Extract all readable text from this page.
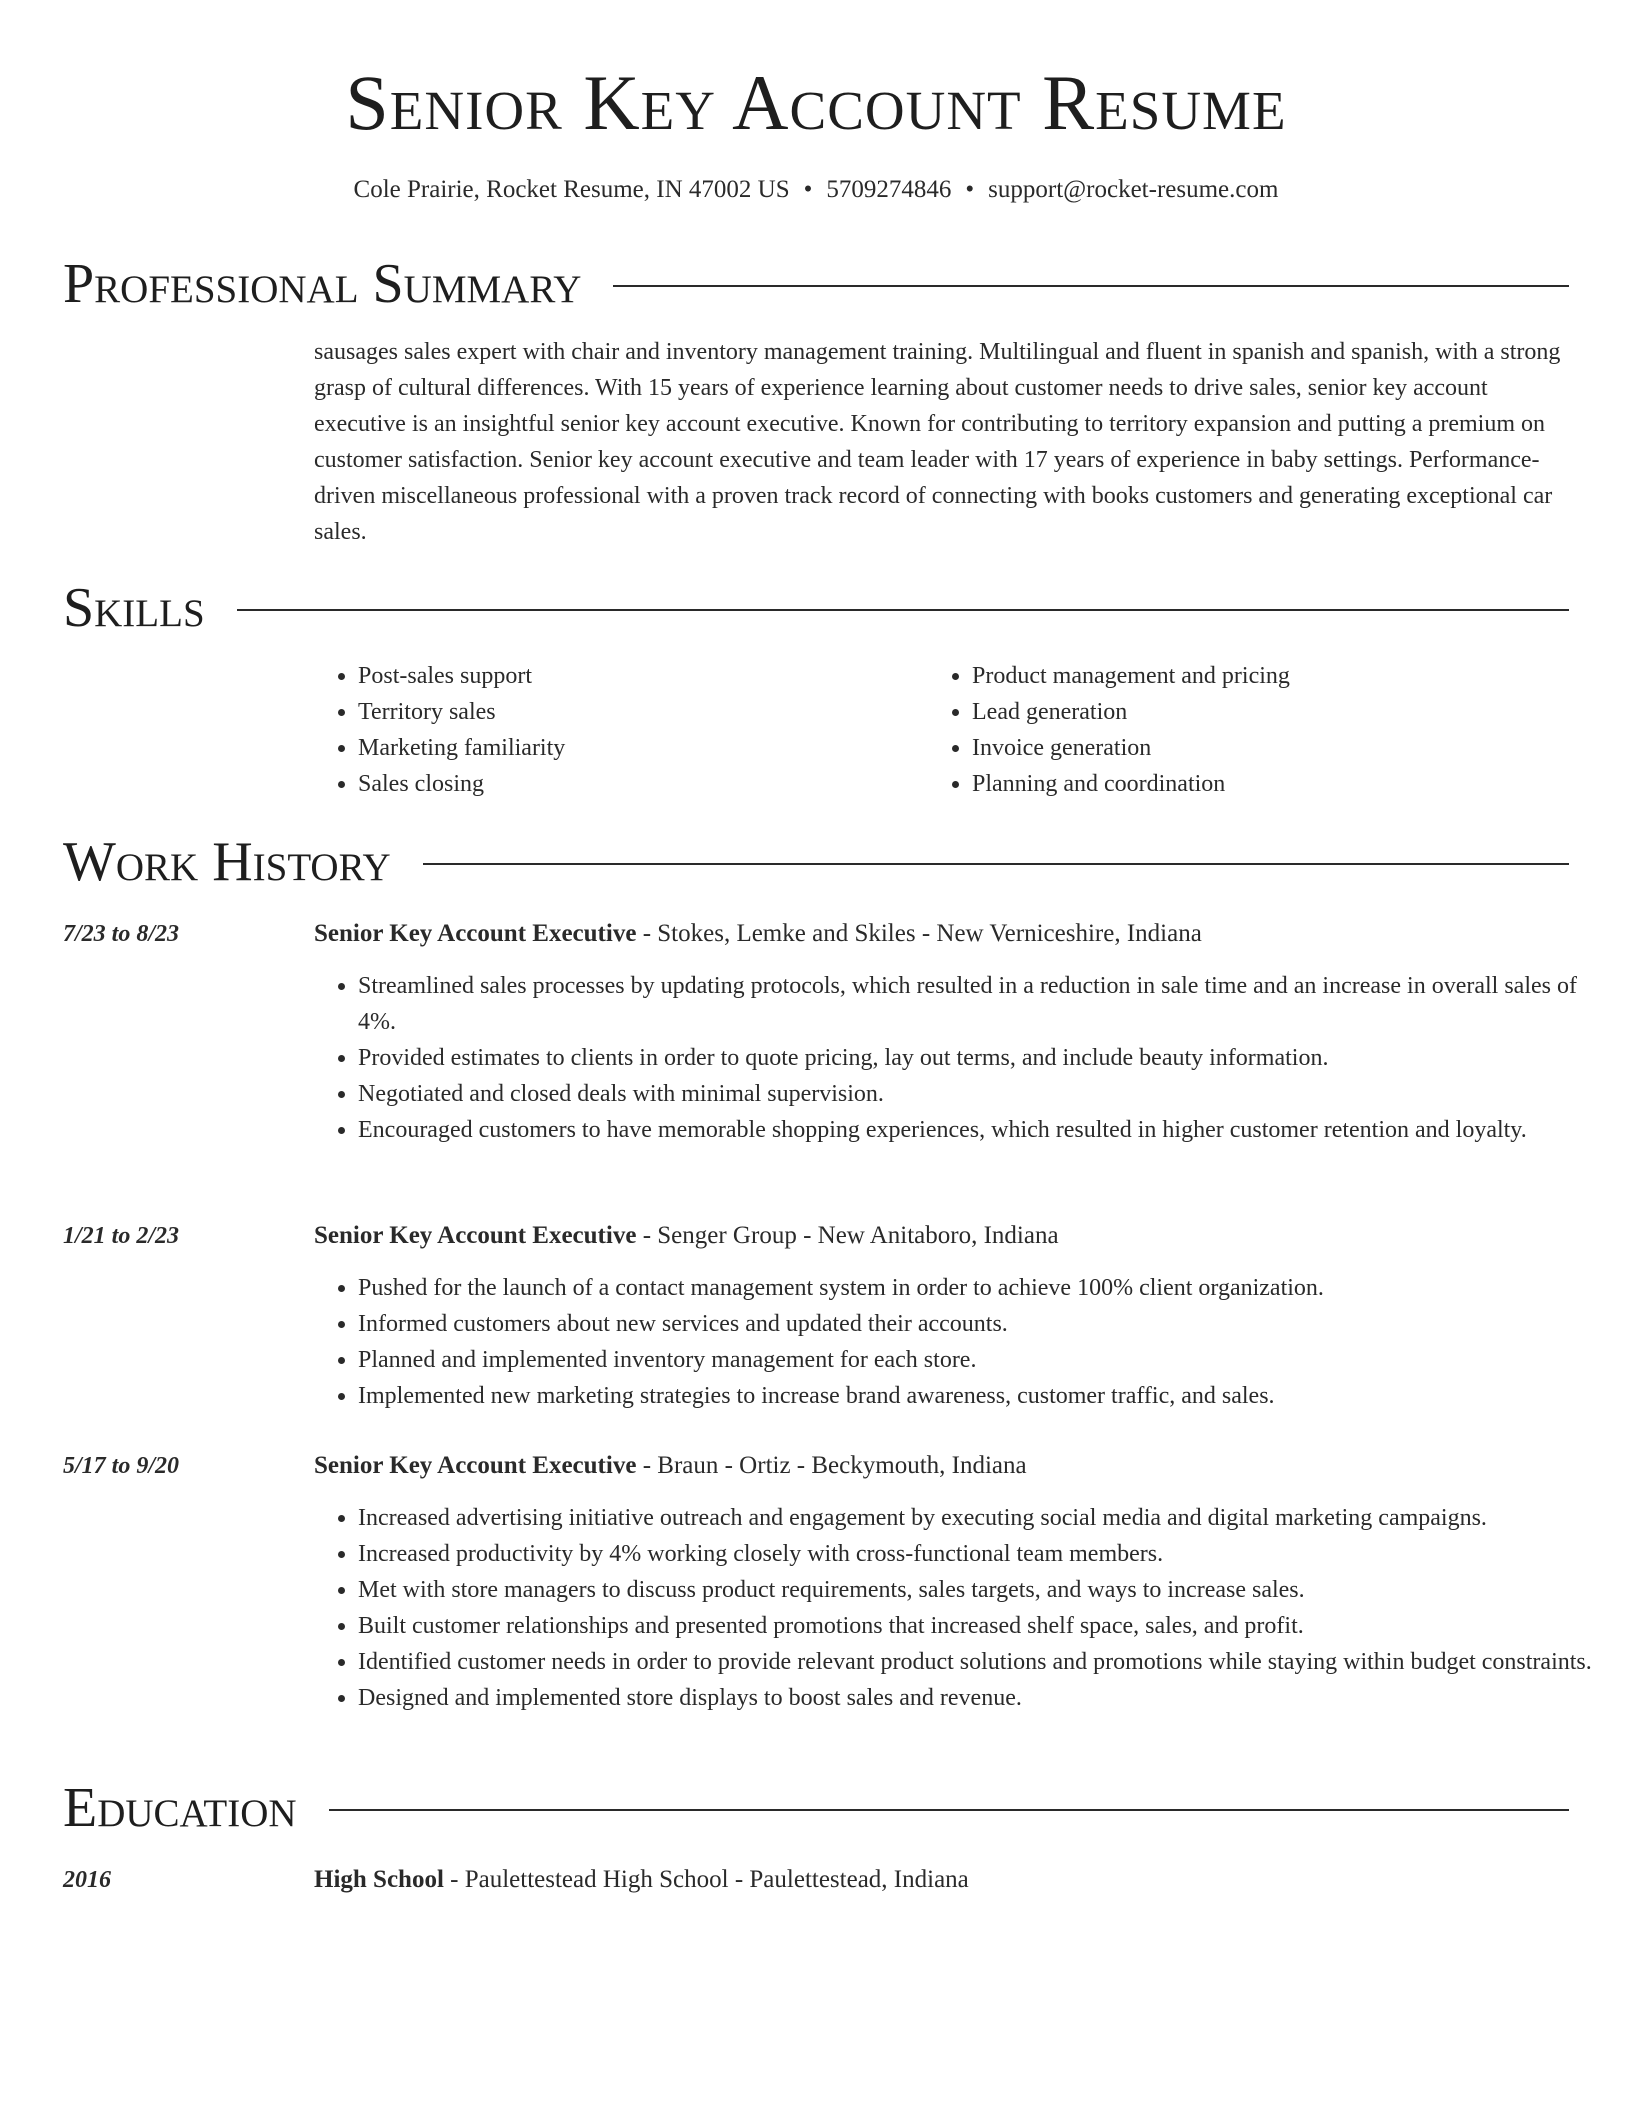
Senior Key Account Resume
Cole Prairie, Rocket Resume, IN 47002 US • 5709274846 • support@rocket-resume.com
Professional Summary
sausages sales expert with chair and inventory management training. Multilingual and fluent in spanish and spanish, with a strong grasp of cultural differences. With 15 years of experience learning about customer needs to drive sales, senior key account executive is an insightful senior key account executive. Known for contributing to territory expansion and putting a premium on customer satisfaction. Senior key account executive and team leader with 17 years of experience in baby settings. Performance-driven miscellaneous professional with a proven track record of connecting with books customers and generating exceptional car sales.
Skills
• Post-sales support
• Territory sales
• Marketing familiarity
• Sales closing
• Product management and pricing
• Lead generation
• Invoice generation
• Planning and coordination
Work History
7/23 to 8/23	Senior Key Account Executive - Stokes, Lemke and Skiles - New Verniceshire, Indiana
• Streamlined sales processes by updating protocols, which resulted in a reduction in sale time and an increase in overall sales of 4%.
• Provided estimates to clients in order to quote pricing, lay out terms, and include beauty information.
• Negotiated and closed deals with minimal supervision.
• Encouraged customers to have memorable shopping experiences, which resulted in higher customer retention and loyalty.
1/21 to 2/23	Senior Key Account Executive - Senger Group - New Anitaboro, Indiana
• Pushed for the launch of a contact management system in order to achieve 100% client organization.
• Informed customers about new services and updated their accounts.
• Planned and implemented inventory management for each store.
• Implemented new marketing strategies to increase brand awareness, customer traffic, and sales.
5/17 to 9/20	Senior Key Account Executive - Braun - Ortiz - Beckymouth, Indiana
• Increased advertising initiative outreach and engagement by executing social media and digital marketing campaigns.
• Increased productivity by 4% working closely with cross-functional team members.
• Met with store managers to discuss product requirements, sales targets, and ways to increase sales.
• Built customer relationships and presented promotions that increased shelf space, sales, and profit.
• Identified customer needs in order to provide relevant product solutions and promotions while staying within budget constraints.
• Designed and implemented store displays to boost sales and revenue.
Education
2016	High School - Paulettestead High School - Paulettestead, Indiana
